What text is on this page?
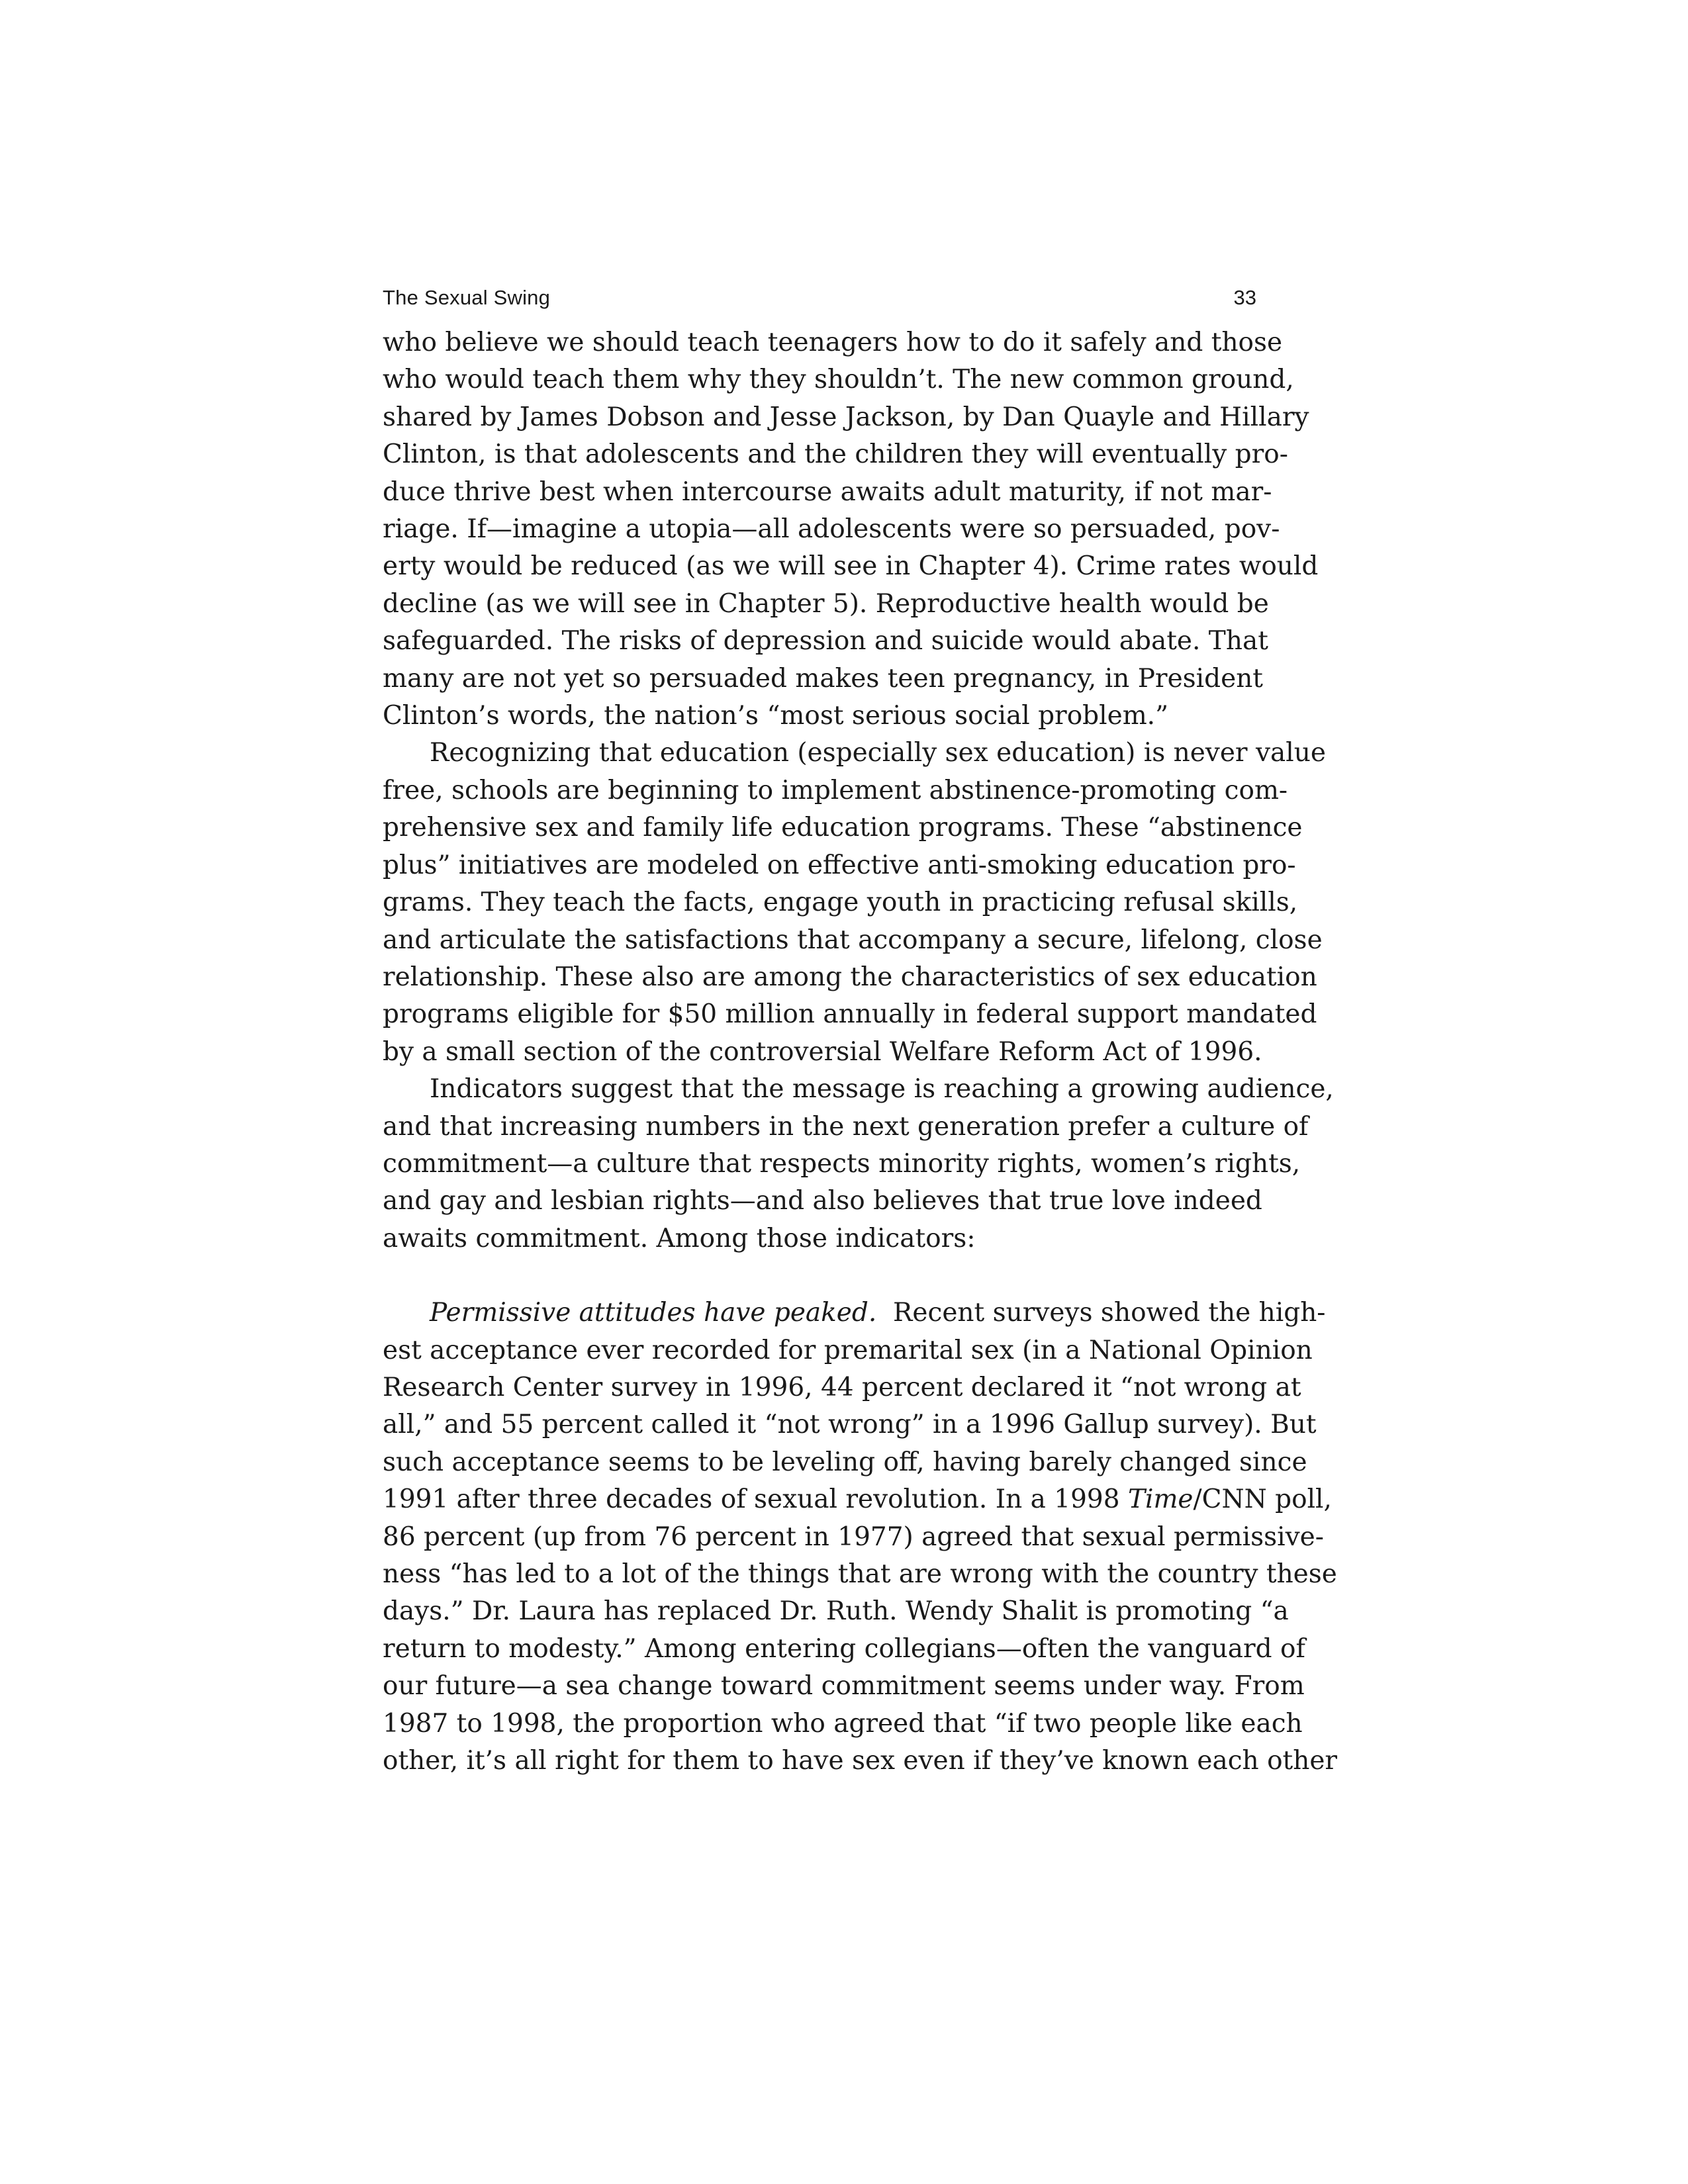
The Sexual Swing	33

who believe we should teach teenagers how to do it safely and those

who would teach them why they shouldn’t. The new common ground,

shared by James Dobson and Jesse Jackson, by Dan Quayle and Hillary

Clinton, is that adolescents and the children they will eventually pro-

duce thrive best when intercourse awaits adult maturity, if not mar-

riage. If—imagine a utopia—all adolescents were so persuaded, pov-

erty would be reduced (as we will see in Chapter 4). Crime rates would

decline (as we will see in Chapter 5). Reproductive health would be

safeguarded. The risks of depression and suicide would abate. That

many are not yet so persuaded makes teen pregnancy, in President

Clinton’s words, the nation’s “most serious social problem.”

Recognizing that education (especially sex education) is never value

free, schools are beginning to implement abstinence-promoting com-

prehensive sex and family life education programs. These “abstinence

plus” initiatives are modeled on effective anti-smoking education pro-

grams. They teach the facts, engage youth in practicing refusal skills,

and articulate the satisfactions that accompany a secure, lifelong, close

relationship. These also are among the characteristics of sex education

programs eligible for $50 million annually in federal support mandated

by a small section of the controversial Welfare Reform Act of 1996.

Indicators suggest that the message is reaching a growing audience,

and that increasing numbers in the next generation prefer a culture of

commitment—a culture that respects minority rights, women’s rights,

and gay and lesbian rights—and also believes that true love indeed

awaits commitment. Among those indicators:

Permissive attitudes have peaked. Recent surveys showed the high-

est acceptance ever recorded for premarital sex (in a National Opinion

Research Center survey in 1996, 44 percent declared it “not wrong at

all,” and 55 percent called it “not wrong” in a 1996 Gallup survey). But

such acceptance seems to be leveling off, having barely changed since

1991 after three decades of sexual revolution. In a 1998 Time/CNN poll,

86 percent (up from 76 percent in 1977) agreed that sexual permissive-

ness “has led to a lot of the things that are wrong with the country these

days.” Dr. Laura has replaced Dr. Ruth. Wendy Shalit is promoting “a

return to modesty.” Among entering collegians—often the vanguard of

our future—a sea change toward commitment seems under way. From

1987 to 1998, the proportion who agreed that “if two people like each

other, it’s all right for them to have sex even if they’ve known each other
